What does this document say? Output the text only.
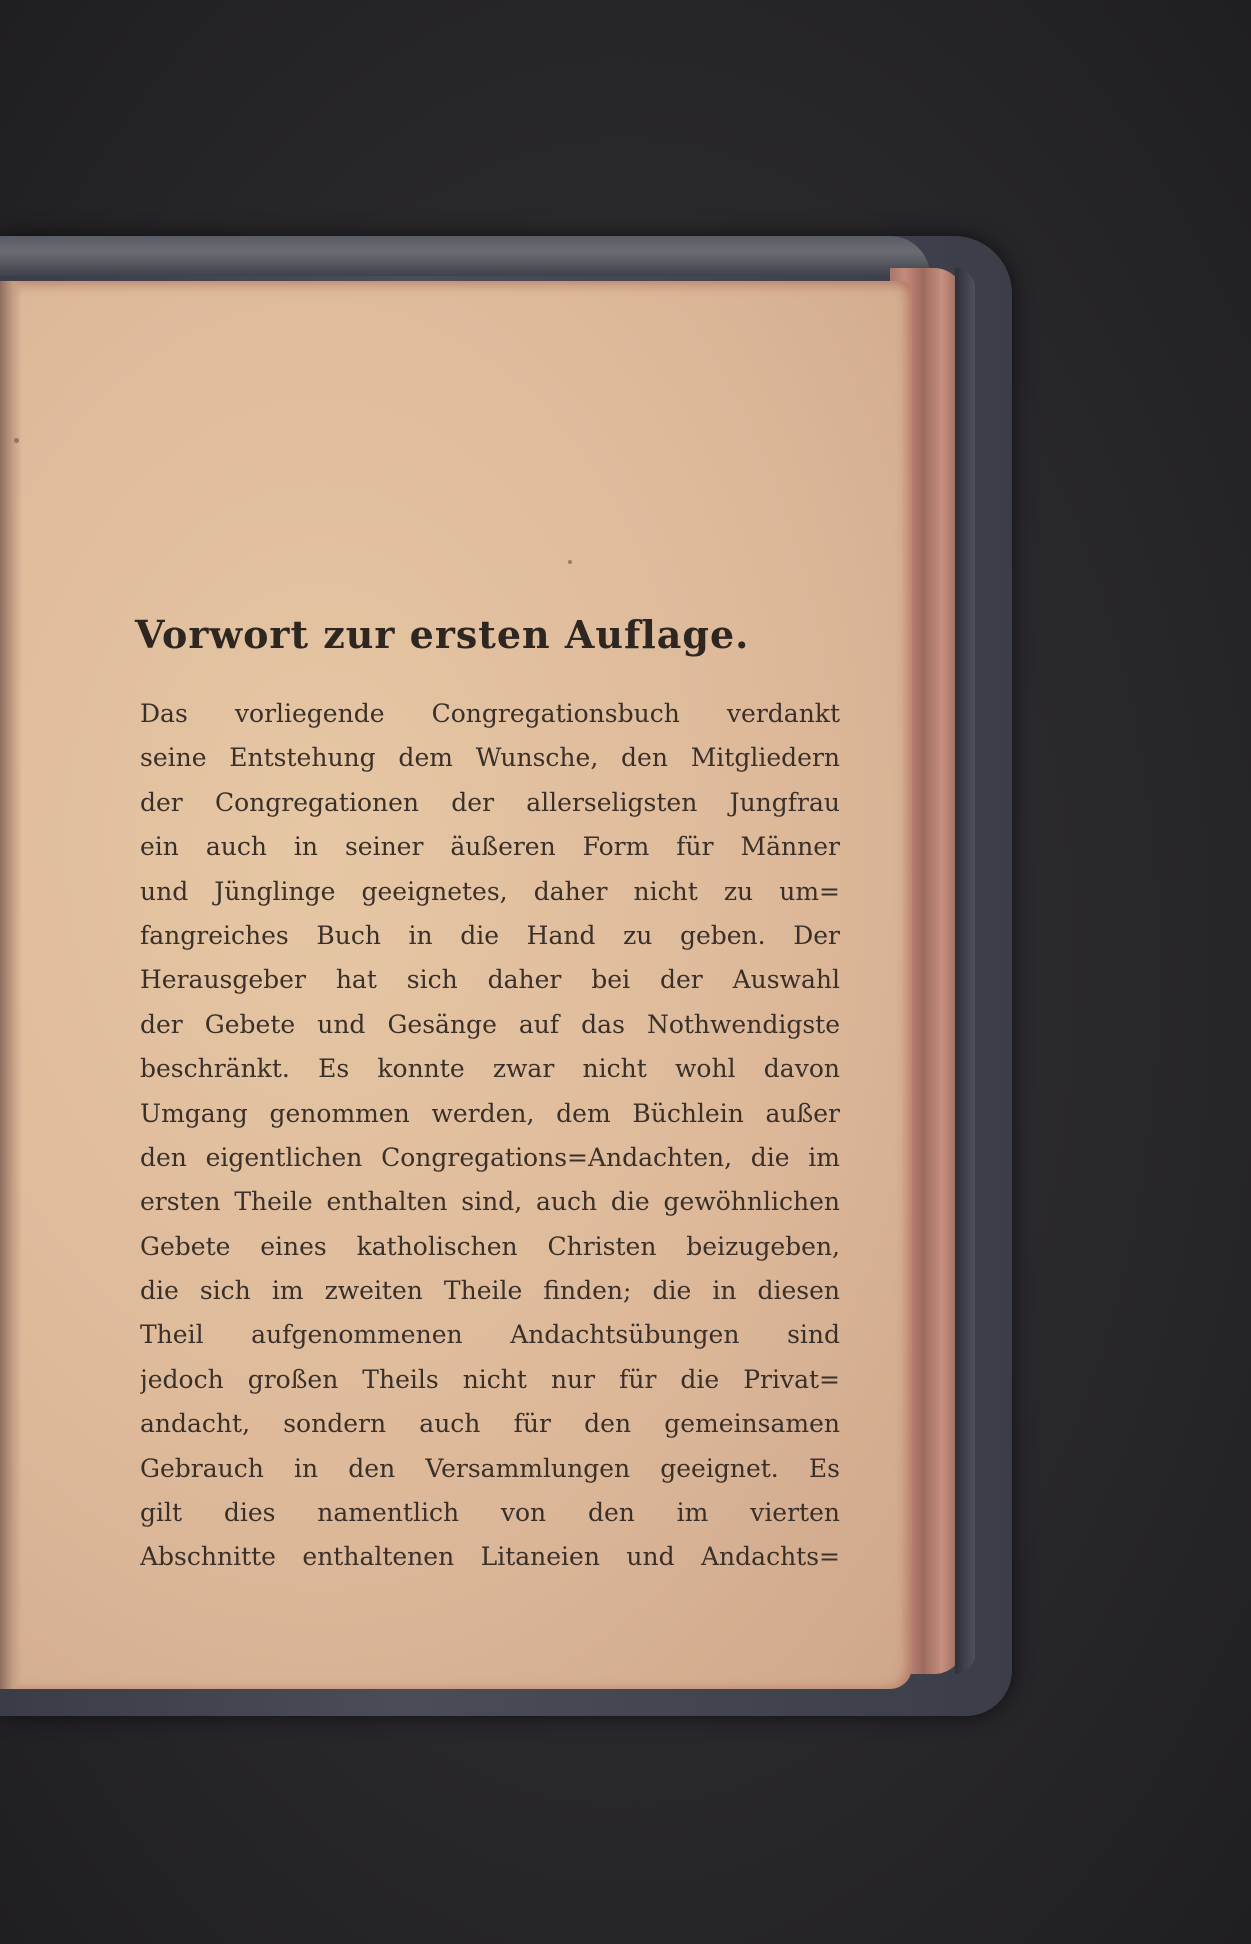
Vorwort zur ersten Auflage.
Das vorliegende Congregationsbuch verdankt
seine Entstehung dem Wunsche, den Mitgliedern
der Congregationen der allerseligsten Jungfrau
ein auch in seiner äußeren Form für Männer
und Jünglinge geeignetes, daher nicht zu um=
fangreiches Buch in die Hand zu geben. Der
Herausgeber hat sich daher bei der Auswahl
der Gebete und Gesänge auf das Nothwendigste
beschränkt. Es konnte zwar nicht wohl davon
Umgang genommen werden, dem Büchlein außer
den eigentlichen Congregations=Andachten, die im
ersten Theile enthalten sind, auch die gewöhnlichen
Gebete eines katholischen Christen beizugeben,
die sich im zweiten Theile finden; die in diesen
Theil aufgenommenen Andachtsübungen sind
jedoch großen Theils nicht nur für die Privat=
andacht, sondern auch für den gemeinsamen
Gebrauch in den Versammlungen geeignet. Es
gilt dies namentlich von den im vierten
Abschnitte enthaltenen Litaneien und Andachts=
